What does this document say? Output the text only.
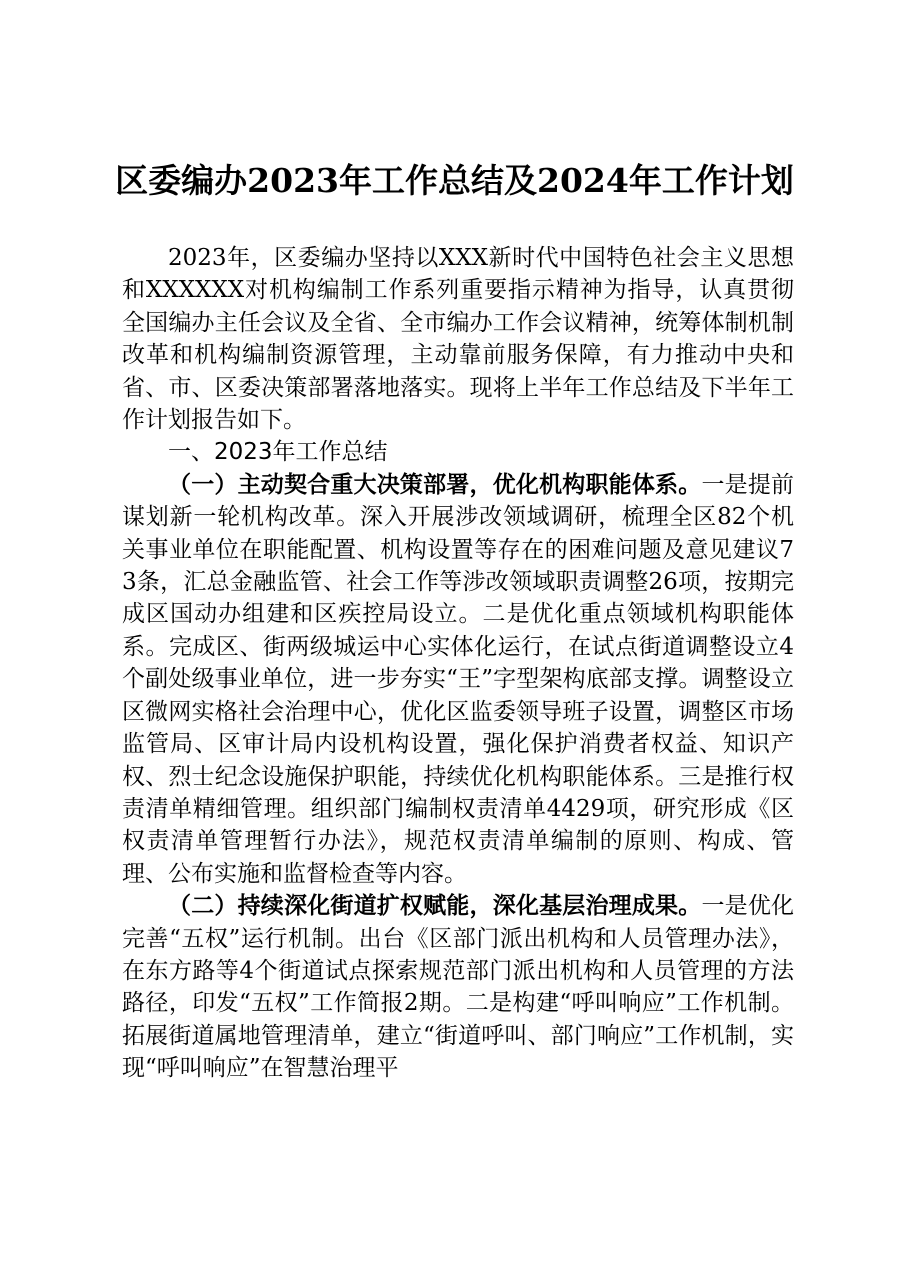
区委编办2023年工作总结及2024年工作计划

2023年，区委编办坚持以XXX新时代中国特色社会主义思想和XXXXXX对机构编制工作系列重要指示精神为指导，认真贯彻全国编办主任会议及全省、全市编办工作会议精神，统筹体制机制改革和机构编制资源管理，主动靠前服务保障，有力推动中央和省、市、区委决策部署落地落实。现将上半年工作总结及下半年工作计划报告如下。

一、2023年工作总结

（一）主动契合重大决策部署，优化机构职能体系。一是提前谋划新一轮机构改革。深入开展涉改领域调研，梳理全区82个机关事业单位在职能配置、机构设置等存在的困难问题及意见建议73条，汇总金融监管、社会工作等涉改领域职责调整26项，按期完成区国动办组建和区疾控局设立。二是优化重点领域机构职能体系。完成区、街两级城运中心实体化运行，在试点街道调整设立4个副处级事业单位，进一步夯实“王”字型架构底部支撑。调整设立区微网实格社会治理中心，优化区监委领导班子设置，调整区市场监管局、区审计局内设机构设置，强化保护消费者权益、知识产权、烈士纪念设施保护职能，持续优化机构职能体系。三是推行权责清单精细管理。组织部门编制权责清单4429项，研究形成《区权责清单管理暂行办法》，规范权责清单编制的原则、构成、管理、公布实施和监督检查等内容。

（二）持续深化街道扩权赋能，深化基层治理成果。一是优化完善“五权”运行机制。出台《区部门派出机构和人员管理办法》，在东方路等4个街道试点探索规范部门派出机构和人员管理的方法路径，印发“五权”工作简报2期。二是构建“呼叫响应”工作机制。拓展街道属地管理清单，建立“街道呼叫、部门响应”工作机制，实现“呼叫响应”在智慧治理平
